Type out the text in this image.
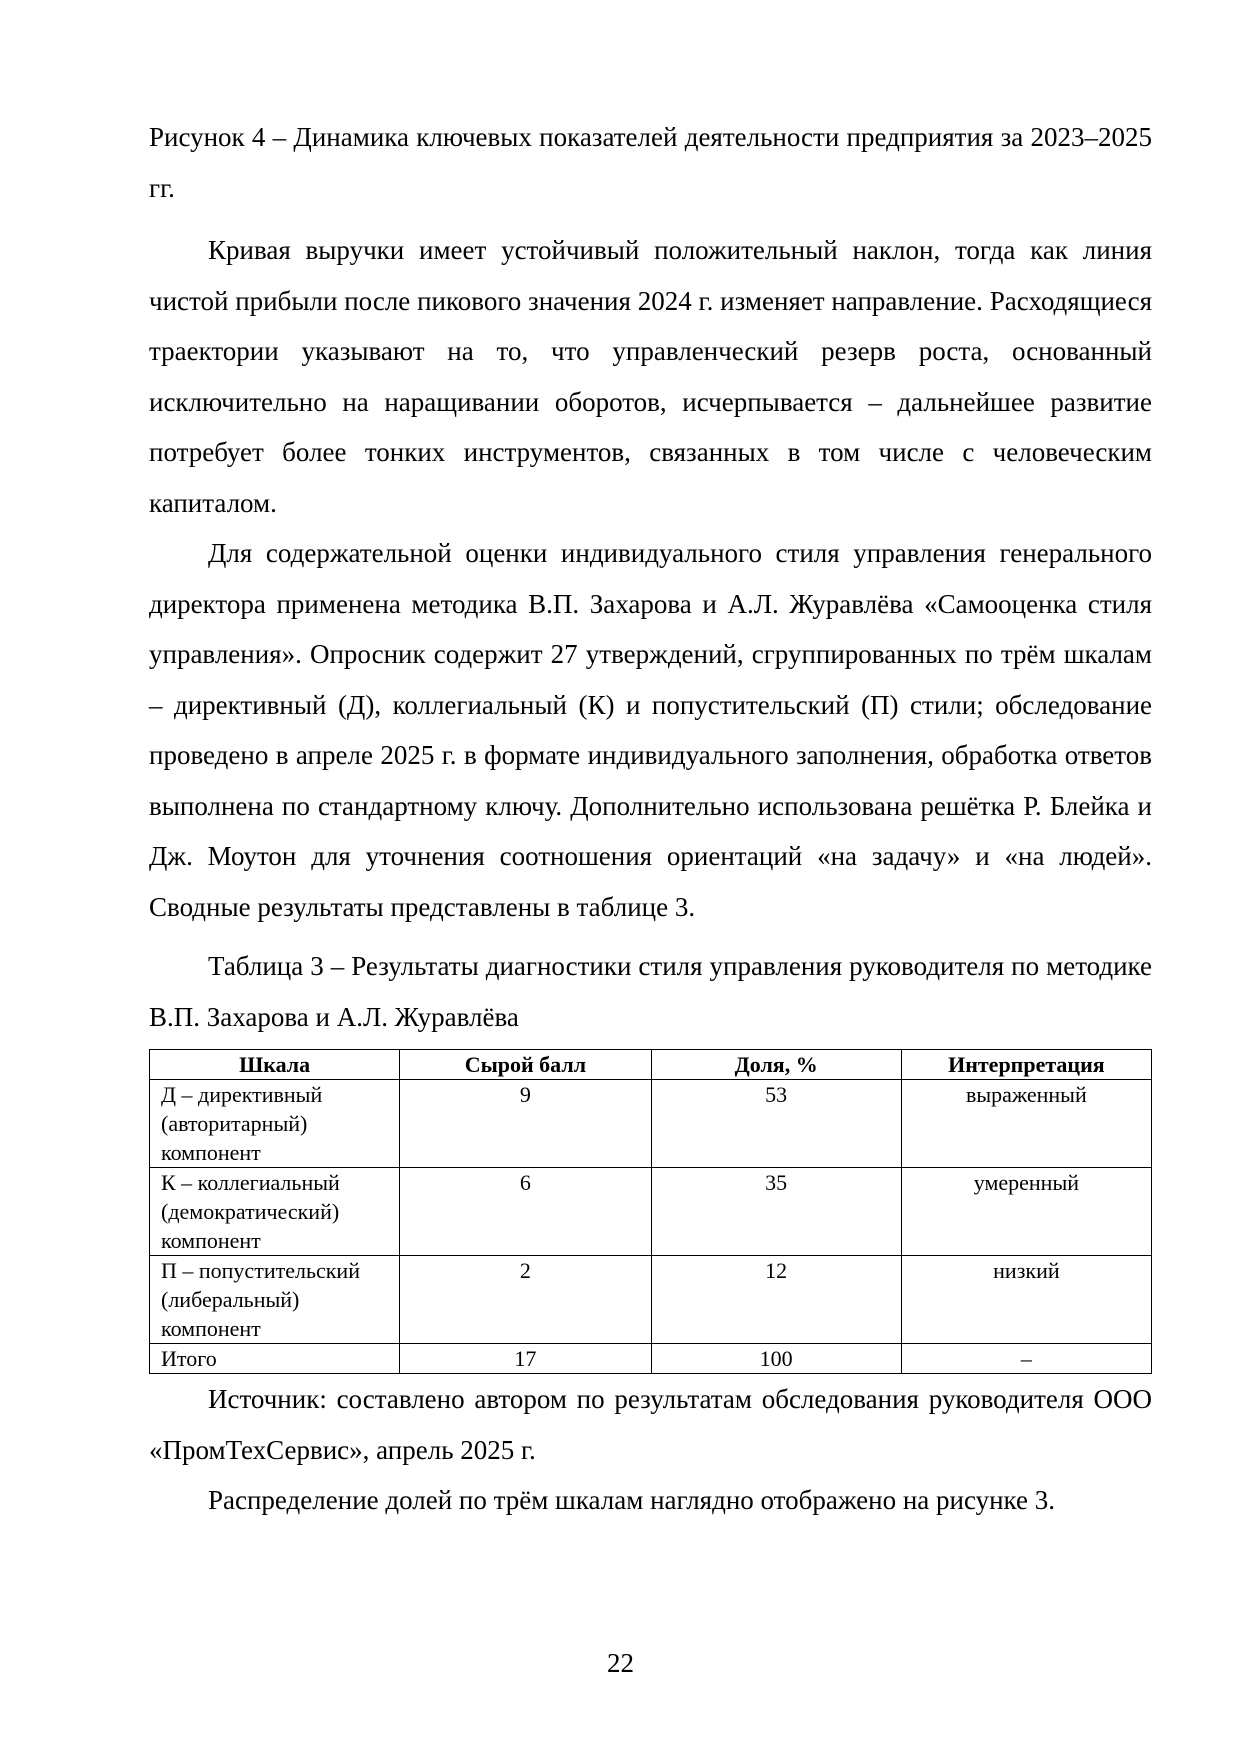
Рисунок 4 – Динамика ключевых показателей деятельности предприятия за 2023–2025 гг.

Кривая выручки имеет устойчивый положительный наклон, тогда как линия чистой прибыли после пикового значения 2024 г. изменяет направление. Расходящиеся траектории указывают на то, что управленческий резерв роста, основанный исключительно на наращивании оборотов, исчерпывается – дальнейшее развитие потребует более тонких инструментов, связанных в том числе с человеческим капиталом.

Для содержательной оценки индивидуального стиля управления генерального директора применена методика В.П. Захарова и А.Л. Журавлёва «Самооценка стиля управления». Опросник содержит 27 утверждений, сгруппированных по трём шкалам – директивный (Д), коллегиальный (К) и попустительский (П) стили; обследование проведено в апреле 2025 г. в формате индивидуального заполнения, обработка ответов выполнена по стандартному ключу. Дополнительно использована решётка Р. Блейка и Дж. Моутон для уточнения соотношения ориентаций «на задачу» и «на людей». Сводные результаты представлены в таблице 3.

Таблица 3 – Результаты диагностики стиля управления руководителя по методике В.П. Захарова и А.Л. Журавлёва

Шкала	Сырой балл	Доля, %	Интерпретация
Д – директивный (авторитарный) компонент	9	53	выраженный
К – коллегиальный (демократический) компонент	6	35	умеренный
П – попустительский (либеральный) компонент	2	12	низкий
Итого	17	100	–

Источник: составлено автором по результатам обследования руководителя ООО «ПромТехСервис», апрель 2025 г.

Распределение долей по трём шкалам наглядно отображено на рисунке 3.

22
